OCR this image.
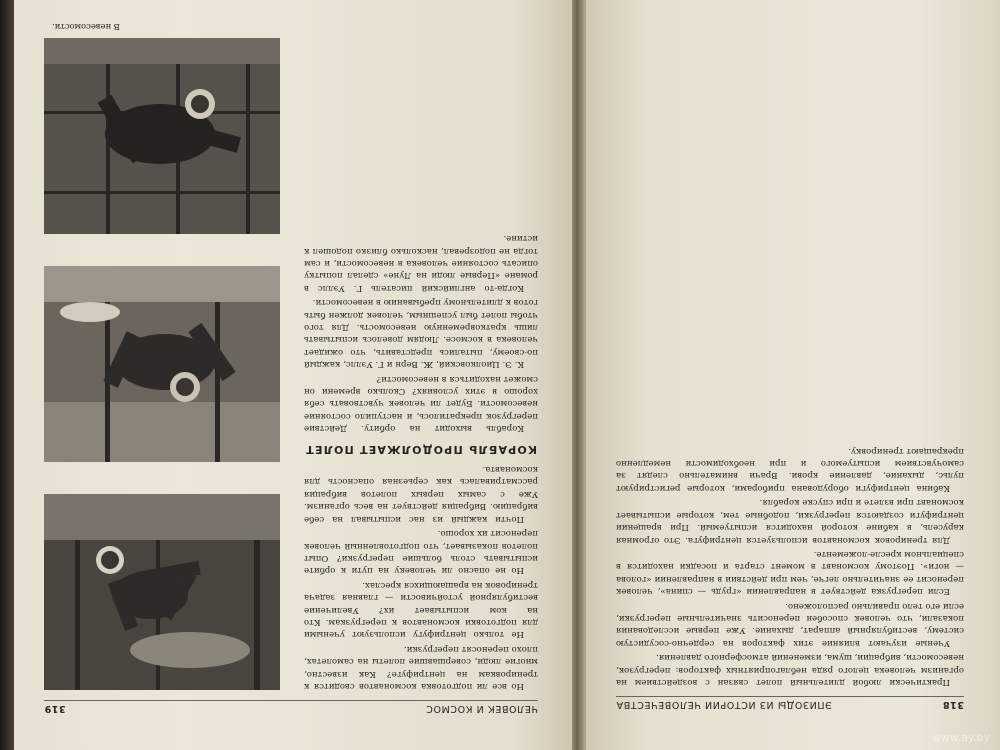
318
ЭПИЗОДЫ ИЗ ИСТОРИИ ЧЕЛОВЕЧЕСТВА

Практически любой длительный полет связан с воздействием на организм человека целого ряда неблагоприятных факторов: перегрузок, невесомости, вибрации, шума, изменений атмосферного давления.

Ученые изучают влияние этих факторов на сердечно-сосудистую систему, вестибулярный аппарат, дыхание. Уже первые исследования показали, что человек способен переносить значительные перегрузки, если его тело правильно расположено.

Если перегрузка действует в направлении «грудь — спина», человек переносит ее значительно легче, чем при действии в направлении «голова — ноги». Поэтому космонавт в момент старта и посадки находится в специальном кресле-ложементе.

Для тренировок космонавтов используется центрифуга. Это огромная карусель, в кабине которой находится испытуемый. При вращении центрифуги создаются перегрузки, подобные тем, которые испытывает космонавт при взлете и при спуске корабля.

Кабина центрифуги оборудована приборами, которые регистрируют пульс, дыхание, давление крови. Врачи внимательно следят за самочувствием испытуемого и при необходимости немедленно прекращают тренировку.

ЧЕЛОВЕК И КОСМОС
319

Но все ли подготовка космонавтов сводится к тренировкам на центрифуге? Как известно, многие люди, совершавшие полеты на самолетах, плохо переносят перегрузки.

Не только центрифугу используют учеными для подготовки космонавтов к перегрузкам. Кто на ком испытывает их? Увеличение вестибулярной устойчивости — главная задача тренировок на вращающихся креслах.

Но не опасно ли человеку на пути к орбите испытывать столь большие перегрузки? Опыт полетов показывает, что подготовленный человек переносит их хорошо.

Почти каждый из нас испытывал на себе вибрацию. Вибрация действует на весь организм. Уже с самых первых полетов вибрация рассматривалась как серьезная опасность для космонавта.

КОРАБЛЬ ПРОДОЛЖАЕТ ПОЛЕТ

Корабль выходит на орбиту. Действие перегрузок прекратилось, и наступило состояние невесомости. Будет ли человек чувствовать себя хорошо в этих условиях? Сколько времени он сможет находиться в невесомости?

К. Э. Циолковский, Ж. Верн и Г. Уэллс, каждый по-своему, пытались представить, что ожидает человека в космосе. Людям довелось испытывать лишь кратковременную невесомость. Для того чтобы полет был успешным, человек должен быть готов к длительному пребыванию в невесомости.

Когда-то английский писатель Г. Уэллс в романе «Первые люди на Луне» сделал попытку описать состояние человека в невесомости, и сам тогда не подозревал, насколько близко подошел к истине.

В невесомости.
www.ay.by
